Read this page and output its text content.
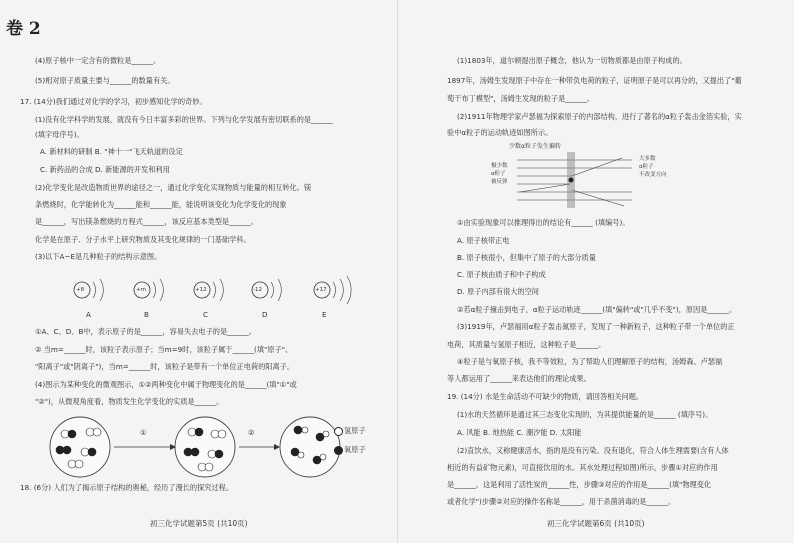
卷 2
(4)原子核中一定含有的微粒是______。
(5)相对原子质量主要与______的数量有关。
17. (14分)我们通过对化学的学习，初步感知化学的奇妙。
(1)没有化学科学的发展，就没有今日丰富多彩的世界。下列与化学发展有密切联系的是______
(填字母序号)。
A. 新材料的研制 B. "神十一"飞天轨道的设定
C. 新药品的合成 D. 新能源的开发和利用
(2)化学变化是改造物质世界的途径之一，通过化学变化实现物质与能量的相互转化。镁
条燃烧时，化学能转化为______能和______能，能说明该变化为化学变化的现象
是______，写出镁条燃烧的方程式______，该反应基本类型是______。
化学是在原子、分子水平上研究物质及其变化规律的一门基础学科。
(3)以下A~E是几种粒子的结构示意图。
+8	+m	+12	-12	+17
A	B	C	D	E
①A、C、D、B中，表示原子的是______，容易失去电子的是______。
② 当m=______时，该粒子表示原子；当m=9时，该粒子属于______(填"原子"、
"阳离子"或"阴离子")，当m=______时，该粒子是带有一个单位正电荷的阳离子。
(4)图示为某种变化的微观图示，①②两种变化中属于物理变化的是______(填"①"或
"②")，从微观角度看，物质发生化学变化的实质是______。
①	②	氢原子
氧原子
18. (6分) 人们为了揭示原子结构的奥秘，经历了漫长的探究过程。
初三化学试题第5页 (共10页)
(1)1803年，道尔顿提出原子概念，他认为一切物质都是由原子构成的。
1897年，汤姆生发现原子中存在一种带负电荷的粒子，证明原子是可以再分的，又提出了"葡
萄干布丁模型"，汤姆生发现的粒子是______。
(2)1911年物理学家卢瑟福为探索原子的内部结构，进行了著名的α粒子轰击金箔实验，实
验中α粒子的运动轨迹如图所示。
少数α粒子发生偏转
极少数
α粒子
被反弹
大多数
α粒子
不改变方向
①由实验现象可以推理得出的结论有______ (填编号)。
A. 原子核带正电
B. 原子核很小，但集中了原子的大部分质量
C. 原子核由质子和中子构成
D. 原子内部有很大的空间
②若α粒子撞击到电子，α粒子运动轨迹______(填"偏转"或"几乎不变")，原因是______。
(3)1919年，卢瑟福用α粒子轰击氮原子，发现了一种新粒子，这种粒子带一个单位的正
电荷，其质量与氢原子相近，这种粒子是______。
④粒子是与氧原子核，我不等效粒，为了帮助人们理解原子的结构，汤姆森、卢瑟福
等人都运用了______来表达他们的理论成果。
19. (14分) 水是生命活动不可缺少的物质，请回答相关问题。
(1)水的天然循环是通过其三态变化实现的，为其提供能量的是______ (填序号)。
A. 风能 B. 地热能 C. 潮汐能 D. 太阳能
(2)直饮水，又称健康活水，指的是没有污染、没有退化，符合人体生理需要(含有人体
相近的有益矿物元素)，可直接饮用的水。其水处理过程如图)所示，步骤①对应的作用
是______，这是利用了活性炭的______性，步骤③对应的作用是______(填"物理变化
或者化学")步骤②对应的操作名称是______，用于杀菌消毒的是______。
初三化学试题第6页 (共10页)
